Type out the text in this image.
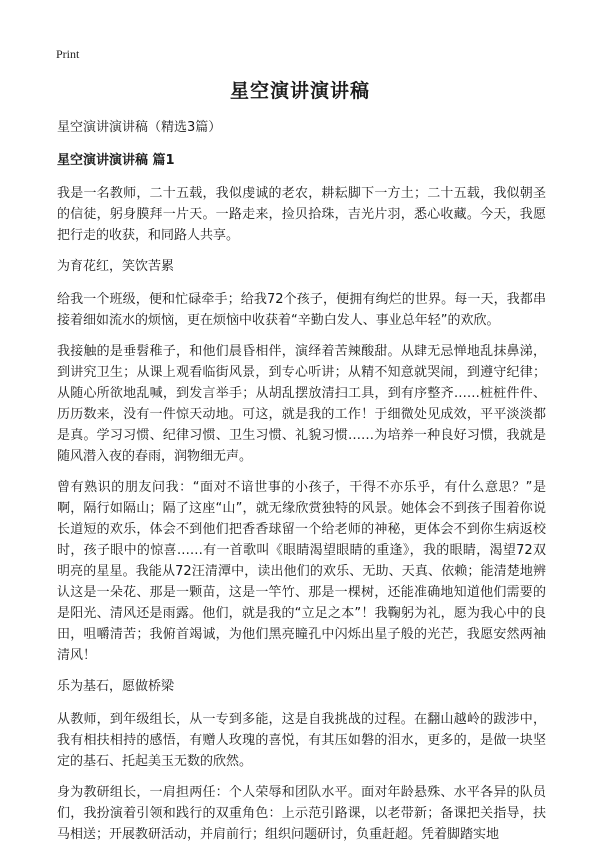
Print
星空演讲演讲稿

星空演讲演讲稿（精选3篇）

星空演讲演讲稿 篇1

我是一名教师，二十五载，我似虔诚的老农，耕耘脚下一方土；二十五载，我似朝圣的信徒，躬身膜拜一片天。一路走来，捡贝拾珠，吉光片羽，悉心收藏。今天，我愿把行走的收获，和同路人共享。

为育花红，笑饮苦累

给我一个班级，便和忙碌牵手；给我72个孩子，便拥有绚烂的世界。每一天，我都串接着细如流水的烦恼，更在烦恼中收获着“辛勤白发人、事业总年轻”的欢欣。

我接触的是垂髫稚子，和他们晨昏相伴，演绎着苦辣酸甜。从肆无忌惮地乱抹鼻涕，到讲究卫生；从课上观看临街风景，到专心听讲；从精不知意就哭闹，到遵守纪律；从随心所欲地乱喊，到发言举手；从胡乱摆放清扫工具，到有序整齐……桩桩件件、历历数来，没有一件惊天动地。可这，就是我的工作！于细微处见成效，平平淡淡都是真。学习习惯、纪律习惯、卫生习惯、礼貌习惯……为培养一种良好习惯，我就是随风潜入夜的春雨，润物细无声。

曾有熟识的朋友问我：“面对不谙世事的小孩子，干得不亦乐乎，有什么意思？”是啊，隔行如隔山；隔了这座“山”，就无缘欣赏独特的风景。她体会不到孩子围着你说长道短的欢乐，体会不到他们把香香球留一个给老师的神秘，更体会不到你生病返校时，孩子眼中的惊喜……有一首歌叫《眼睛渴望眼睛的重逢》，我的眼睛，渴望72双明亮的星星。我能从72汪清潭中，读出他们的欢乐、无助、天真、依赖；能清楚地辨认这是一朵花、那是一颗苗，这是一竿竹、那是一棵树，还能准确地知道他们需要的是阳光、清风还是雨露。他们，就是我的“立足之本”！我鞠躬为礼，愿为我心中的良田，咀嚼清苦；我俯首竭诚，为他们黑亮瞳孔中闪烁出星子般的光芒，我愿安然两袖清风！

乐为基石，愿做桥梁

从教师，到年级组长，从一专到多能，这是自我挑战的过程。在翻山越岭的跋涉中，我有相扶相持的感悟，有赠人玫瑰的喜悦，有其压如磐的泪水，更多的，是做一块坚定的基石、托起美玉无数的欣然。

身为教研组长，一肩担两任：个人荣辱和团队水平。面对年龄悬殊、水平各异的队员们，我扮演着引领和践行的双重角色：上示范引路课，以老带新；备课把关指导，扶马相送；开展教研活动，并肩前行；组织问题研讨，负重赶超。凭着脚踏实地
